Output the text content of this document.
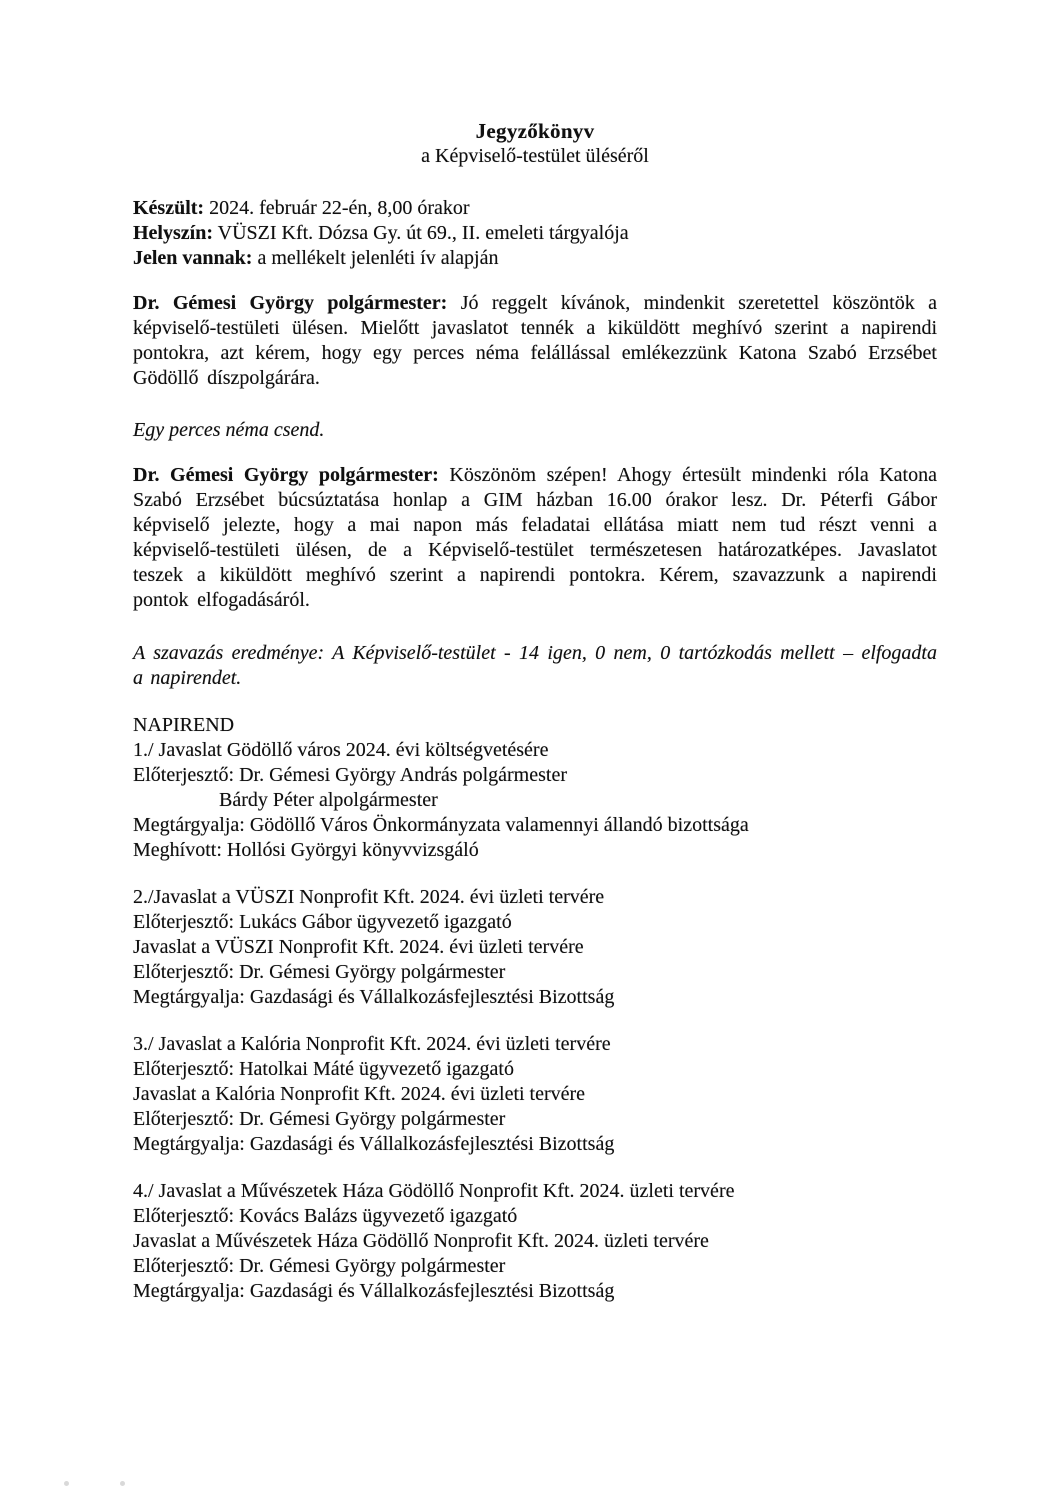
Jegyzőkönyv
a Képviselő-testület üléséről
Készült: 2024. február 22-én, 8,00 órakor
Helyszín: VÜSZI Kft. Dózsa Gy. út 69., II. emeleti tárgyalója
Jelen vannak: a mellékelt jelenléti ív alapján

Dr. Gémesi György polgármester: Jó reggelt kívánok, mindenkit szeretettel köszöntök a képviselő-testületi ülésen. Mielőtt javaslatot tennék a kiküldött meghívó szerint a napirendi pontokra, azt kérem, hogy egy perces néma felállással emlékezzünk Katona Szabó Erzsébet Gödöllő díszpolgárára.

Egy perces néma csend.

Dr. Gémesi György polgármester: Köszönöm szépen! Ahogy értesült mindenki róla Katona Szabó Erzsébet búcsúztatása honlap a GIM házban 16.00 órakor lesz. Dr. Péterfi Gábor képviselő jelezte, hogy a mai napon más feladatai ellátása miatt nem tud részt venni a képviselő-testületi ülésen, de a Képviselő-testület természetesen határozatképes. Javaslatot teszek a kiküldött meghívó szerint a napirendi pontokra. Kérem, szavazzunk a napirendi pontok elfogadásáról.

A szavazás eredménye: A Képviselő-testület - 14 igen, 0 nem, 0 tartózkodás mellett – elfogadta a napirendet.
NAPIREND
1./ Javaslat Gödöllő város 2024. évi költségvetésére
Előterjesztő: Dr. Gémesi György András polgármester
Bárdy Péter alpolgármester
Megtárgyalja: Gödöllő Város Önkormányzata valamennyi állandó bizottsága
Meghívott: Hollósi Györgyi könyvvizsgáló
2./Javaslat a VÜSZI Nonprofit Kft. 2024. évi üzleti tervére
Előterjesztő: Lukács Gábor ügyvezető igazgató
Javaslat a VÜSZI Nonprofit Kft. 2024. évi üzleti tervére
Előterjesztő: Dr. Gémesi György polgármester
Megtárgyalja: Gazdasági és Vállalkozásfejlesztési Bizottság
3./ Javaslat a Kalória Nonprofit Kft. 2024. évi üzleti tervére
Előterjesztő: Hatolkai Máté ügyvezető igazgató
Javaslat a Kalória Nonprofit Kft. 2024. évi üzleti tervére
Előterjesztő: Dr. Gémesi György polgármester
Megtárgyalja: Gazdasági és Vállalkozásfejlesztési Bizottság
4./ Javaslat a Művészetek Háza Gödöllő Nonprofit Kft. 2024. üzleti tervére
Előterjesztő: Kovács Balázs ügyvezető igazgató
Javaslat a Művészetek Háza Gödöllő Nonprofit Kft. 2024. üzleti tervére
Előterjesztő: Dr. Gémesi György polgármester
Megtárgyalja: Gazdasági és Vállalkozásfejlesztési Bizottság
